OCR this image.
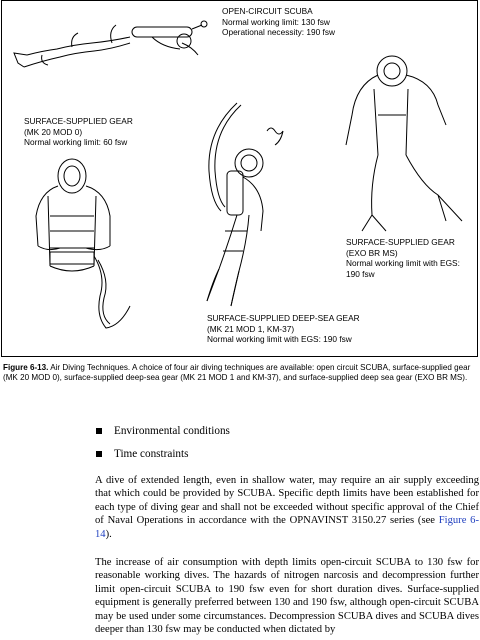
OPEN-CIRCUIT SCUBA
Normal working limit: 130 fsw
Operational necessity: 190 fsw
SURFACE-SUPPLIED GEAR
(MK 20 MOD 0)
Normal working limit: 60 fsw
SURFACE-SUPPLIED DEEP-SEA GEAR
(MK 21 MOD 1, KM-37)
Normal working limit with EGS: 190 fsw
SURFACE-SUPPLIED GEAR
(EXO BR MS)
Normal working limit with EGS:
190 fsw
Figure 6-13. Air Diving Techniques. A choice of four air diving techniques are available: open circuit SCUBA, surface-supplied gear (MK 20 MOD 0), surface-supplied deep-sea gear (MK 21 MOD 1 and KM-37), and surface-supplied deep sea gear (EXO BR MS).
Environmental conditions
Time constraints
A dive of extended length, even in shallow water, may require an air supply exceeding that which could be provided by SCUBA. Specific depth limits have been established for each type of diving gear and shall not be exceeded without specific approval of the Chief of Naval Operations in accordance with the OPNAVINST 3150.27 series (see Figure 6-14).
The increase of air consumption with depth limits open-circuit SCUBA to 130 fsw for reasonable working dives. The hazards of nitrogen narcosis and decompression further limit open-circuit SCUBA to 190 fsw even for short duration dives. Surface-supplied equipment is generally preferred between 130 and 190 fsw, although open-circuit SCUBA may be used under some circumstances. Decompression SCUBA dives and SCUBA dives deeper than 130 fsw may be conducted when dictated by
